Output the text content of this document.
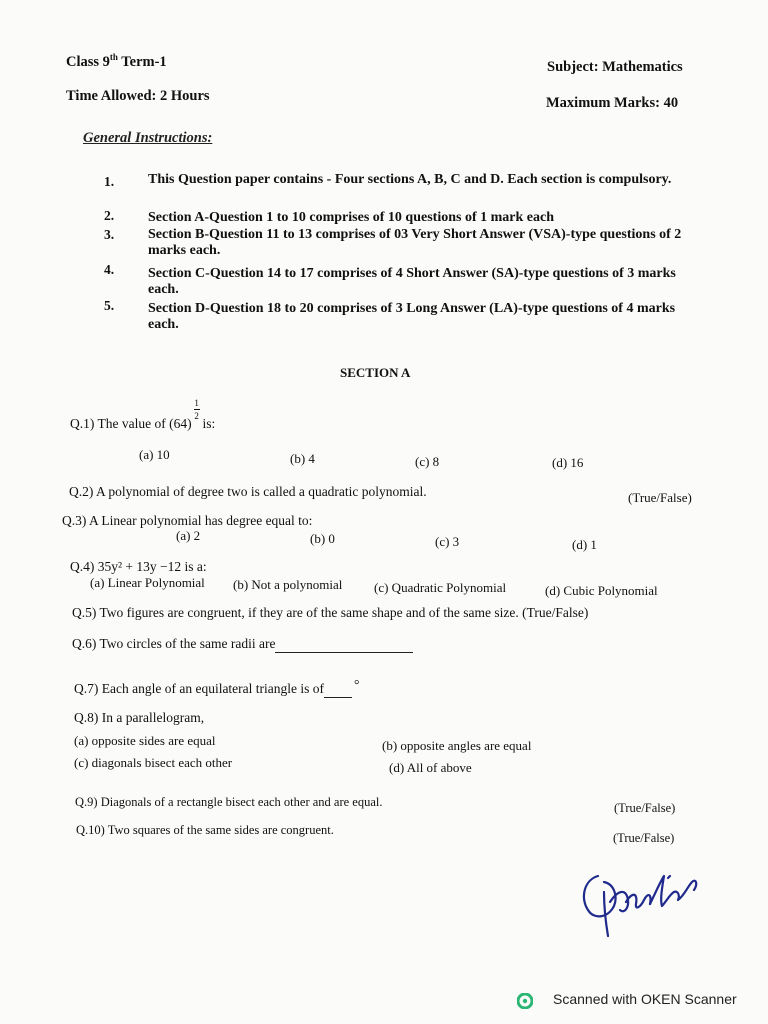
Class 9th Term-1	Subject: Mathematics
Time Allowed: 2 Hours	Maximum Marks: 40
General Instructions:
1. This Question paper contains - Four sections A, B, C and D. Each section is compulsory.
2. Section A-Question 1 to 10 comprises of 10 questions of 1 mark each
3. Section B-Question 11 to 13 comprises of 03 Very Short Answer (VSA)-type questions of 2 marks each.
4. Section C-Question 14 to 17 comprises of 4 Short Answer (SA)-type questions of 3 marks each.
5. Section D-Question 18 to 20 comprises of 3 Long Answer (LA)-type questions of 4 marks each.
SECTION A
Q.1) The value of (64)
1
2 is:
(a) 10	(b) 4	(c) 8	(d) 16
Q.2) A polynomial of degree two is called a quadratic polynomial.	(True/False)
Q.3) A Linear polynomial has degree equal to:
(a) 2	(b) 0	(c) 3	(d) 1
Q.4) 35y² + 13y −12 is a:
(a) Linear Polynomial (b) Not a polynomial (c) Quadratic Polynomial	(d) Cubic Polynomial
Q.5) Two figures are congruent, if they are of the same shape and of the same size. (True/False)
Q.6) Two circles of the same radii are
Q.7) Each angle of an equilateral triangle is of °
Q.8) In a parallelogram,
(a) opposite sides are equal	(b) opposite angles are equal
(c) diagonals bisect each other	(d) All of above
Q.9) Diagonals of a rectangle bisect each other and are equal.	(True/False)
Q.10) Two squares of the same sides are congruent.
(True/False)
Scanned with OKEN Scanner
